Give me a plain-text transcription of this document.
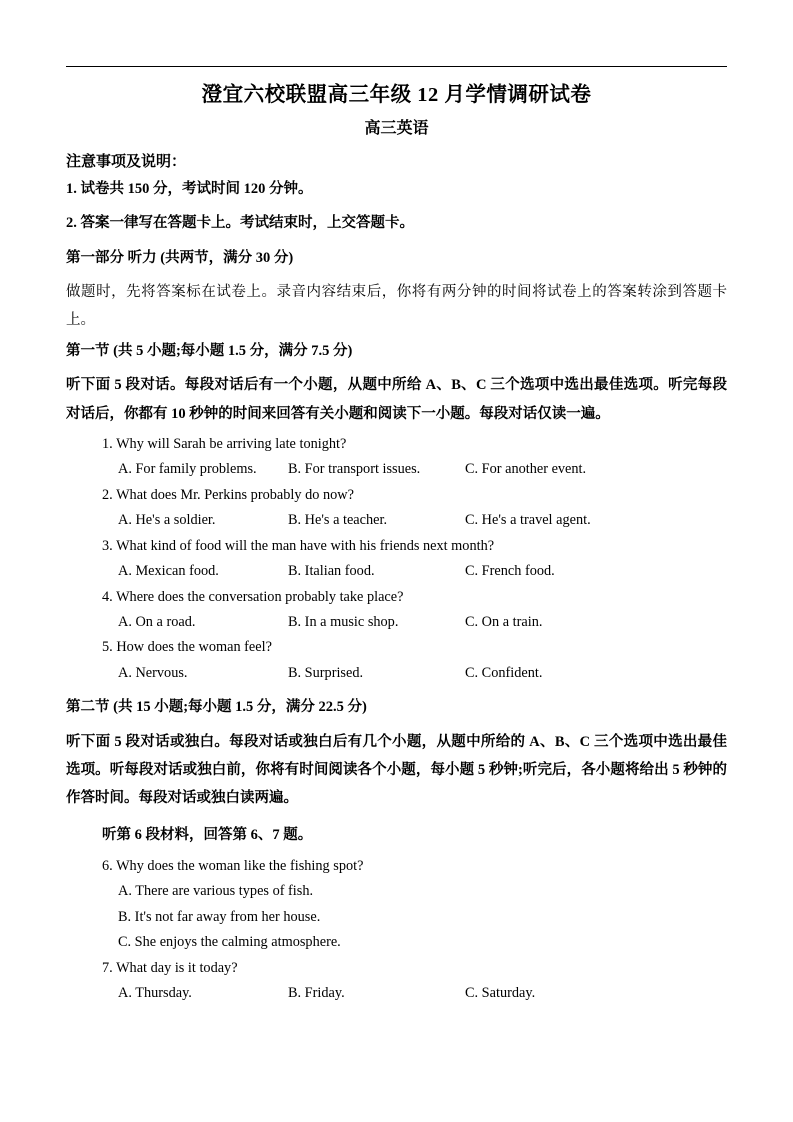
澄宜六校联盟高三年级 12 月学情调研试卷
高三英语

注意事项及说明：

1. 试卷共 150 分，考试时间 120 分钟。

2. 答案一律写在答题卡上。考试结束时，上交答题卡。

第一部分 听力 (共两节，满分 30 分)

做题时，先将答案标在试卷上。录音内容结束后，你将有两分钟的时间将试卷上的答案转涂到答题卡上。

第一节 (共 5 小题;每小题 1.5 分，满分 7.5 分)

听下面 5 段对话。每段对话后有一个小题，从题中所给 A、B、C 三个选项中选出最佳选项。听完每段对话后，你都有 10 秒钟的时间来回答有关小题和阅读下一小题。每段对话仅读一遍。

1. Why will Sarah be arriving late tonight?

A. For family problems.	B. For transport issues.	C. For another event.

2. What does Mr. Perkins probably do now?

A. He's a soldier.	B. He's a teacher.	C. He's a travel agent.

3. What kind of food will the man have with his friends next month?

A. Mexican food.	B. Italian food.	C. French food.

4. Where does the conversation probably take place?

A. On a road.	B. In a music shop.	C. On a train.

5. How does the woman feel?

A. Nervous.	B. Surprised.	C. Confident.

第二节 (共 15 小题;每小题 1.5 分，满分 22.5 分)

听下面 5 段对话或独白。每段对话或独白后有几个小题，从题中所给的 A、B、C 三个选项中选出最佳选项。听每段对话或独白前，你将有时间阅读各个小题，每小题 5 秒钟;听完后，各小题将给出 5 秒钟的作答时间。每段对话或独白读两遍。

听第 6 段材料，回答第 6、7 题。

6. Why does the woman like the fishing spot?

A. There are various types of fish.

B. It's not far away from her house.

C. She enjoys the calming atmosphere.

7. What day is it today?

A. Thursday.	B. Friday.	C. Saturday.
